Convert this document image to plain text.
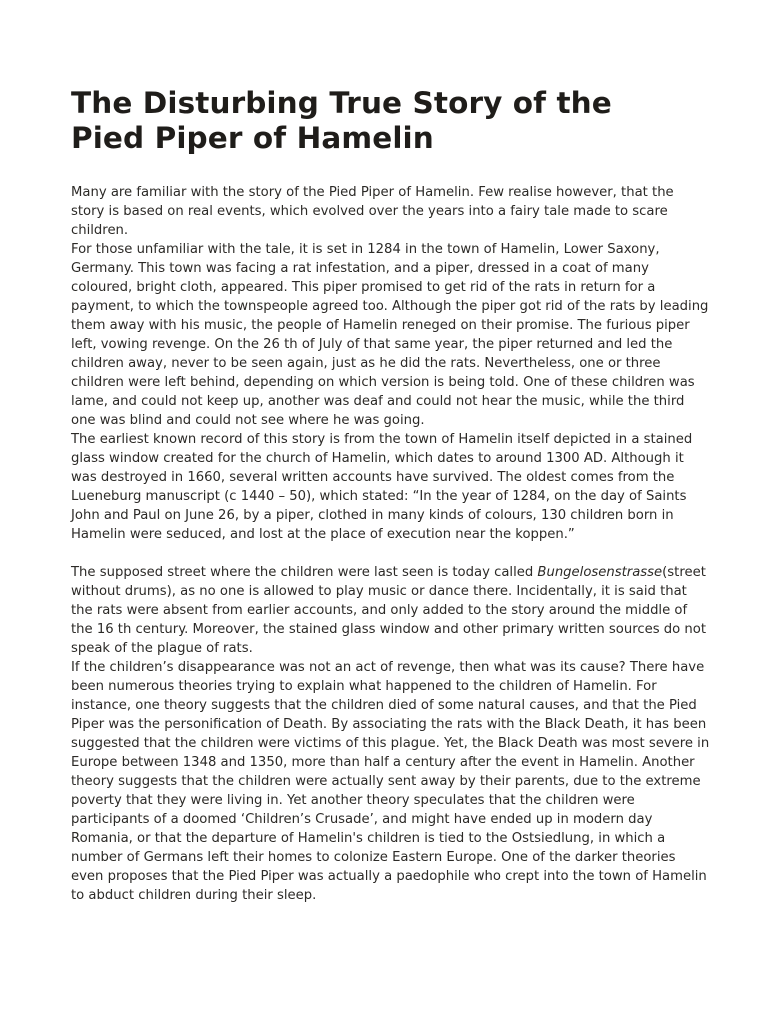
The Disturbing True Story of the
Pied Piper of Hamelin

Many are familiar with the story of the Pied Piper of Hamelin. Few realise however, that the story is based on real events, which evolved over the years into a fairy tale made to scare children.

For those unfamiliar with the tale, it is set in 1284 in the town of Hamelin, Lower Saxony, Germany. This town was facing a rat infestation, and a piper, dressed in a coat of many coloured, bright cloth, appeared. This piper promised to get rid of the rats in return for a payment, to which the townspeople agreed too. Although the piper got rid of the rats by leading them away with his music, the people of Hamelin reneged on their promise. The furious piper left, vowing revenge. On the 26 th of July of that same year, the piper returned and led the children away, never to be seen again, just as he did the rats. Nevertheless, one or three children were left behind, depending on which version is being told. One of these children was lame, and could not keep up, another was deaf and could not hear the music, while the third one was blind and could not see where he was going.

The earliest known record of this story is from the town of Hamelin itself depicted in a stained glass window created for the church of Hamelin, which dates to around 1300 AD. Although it was destroyed in 1660, several written accounts have survived. The oldest comes from the Lueneburg manuscript (c 1440 – 50), which stated: “In the year of 1284, on the day of Saints John and Paul on June 26, by a piper, clothed in many kinds of colours, 130 children born in Hamelin were seduced, and lost at the place of execution near the koppen.”

The supposed street where the children were last seen is today called Bungelosenstrasse(street without drums), as no one is allowed to play music or dance there. Incidentally, it is said that the rats were absent from earlier accounts, and only added to the story around the middle of the 16 th century. Moreover, the stained glass window and other primary written sources do not speak of the plague of rats.

If the children’s disappearance was not an act of revenge, then what was its cause? There have been numerous theories trying to explain what happened to the children of Hamelin. For instance, one theory suggests that the children died of some natural causes, and that the Pied Piper was the personification of Death. By associating the rats with the Black Death, it has been suggested that the children were victims of this plague. Yet, the Black Death was most severe in Europe between 1348 and 1350, more than half a century after the event in Hamelin. Another theory suggests that the children were actually sent away by their parents, due to the extreme poverty that they were living in. Yet another theory speculates that the children were participants of a doomed ‘Children’s Crusade’, and might have ended up in modern day Romania, or that the departure of Hamelin's children is tied to the Ostsiedlung, in which a number of Germans left their homes to colonize Eastern Europe. One of the darker theories even proposes that the Pied Piper was actually a paedophile who crept into the town of Hamelin to abduct children during their sleep.
